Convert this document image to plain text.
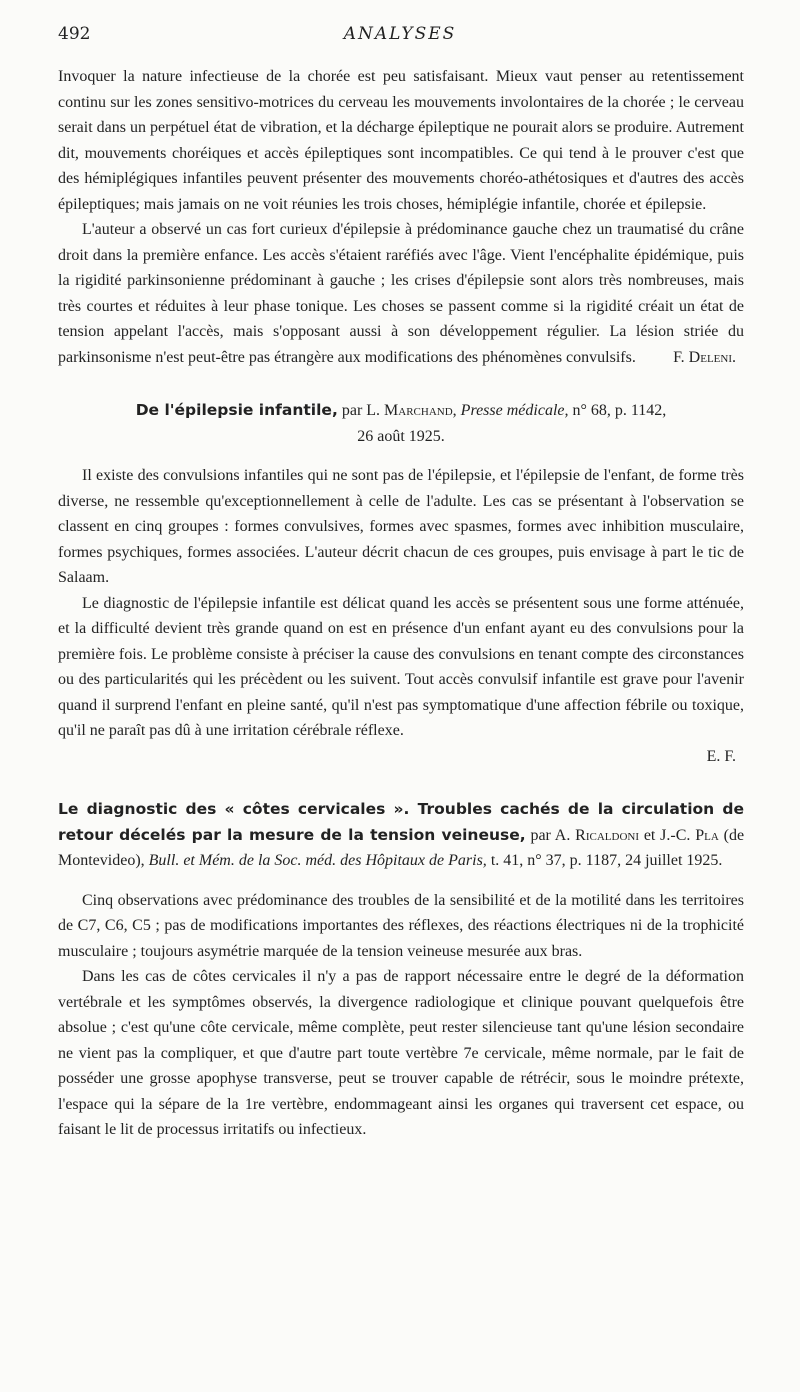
492	ANALYSES

Invoquer la nature infectieuse de la chorée est peu satisfaisant. Mieux vaut penser au retentissement continu sur les zones sensitivo-motrices du cerveau les mouvements involontaires de la chorée ; le cerveau serait dans un perpétuel état de vibration, et la décharge épileptique ne pourait alors se produire. Autrement dit, mouvements choréiques et accès épileptiques sont incompatibles. Ce qui tend à le prouver c'est que des hémiplégiques infantiles peuvent présenter des mouvements choréo-athétosiques et d'autres des accès épileptiques; mais jamais on ne voit réunies les trois choses, hémiplégie infantile, chorée et épilepsie.

L'auteur a observé un cas fort curieux d'épilepsie à prédominance gauche chez un traumatisé du crâne droit dans la première enfance. Les accès s'étaient raréfiés avec l'âge. Vient l'encéphalite épidémique, puis la rigidité parkinsonienne prédominant à gauche ; les crises d'épilepsie sont alors très nombreuses, mais très courtes et réduites à leur phase tonique. Les choses se passent comme si la rigidité créait un état de tension appelant l'accès, mais s'opposant aussi à son développement régulier. La lésion striée du parkinsonisme n'est peut-être pas étrangère aux modifications des phénomènes convulsifs.	F. Deleni.

De l'épilepsie infantile, par L. Marchand, Presse médicale, n° 68, p. 1142, 26 août 1925.

Il existe des convulsions infantiles qui ne sont pas de l'épilepsie, et l'épilepsie de l'enfant, de forme très diverse, ne ressemble qu'exceptionnellement à celle de l'adulte. Les cas se présentant à l'observation se classent en cinq groupes : formes convulsives, formes avec spasmes, formes avec inhibition musculaire, formes psychiques, formes associées. L'auteur décrit chacun de ces groupes, puis envisage à part le tic de Salaam.

Le diagnostic de l'épilepsie infantile est délicat quand les accès se présentent sous une forme atténuée, et la difficulté devient très grande quand on est en présence d'un enfant ayant eu des convulsions pour la première fois. Le problème consiste à préciser la cause des convulsions en tenant compte des circonstances ou des particularités qui les précèdent ou les suivent. Tout accès convulsif infantile est grave pour l'avenir quand il surprend l'enfant en pleine santé, qu'il n'est pas symptomatique d'une affection fébrile ou toxique, qu'il ne paraît pas dû à une irritation cérébrale réflexe.

E. F.

Le diagnostic des « côtes cervicales ». Troubles cachés de la circulation de retour décelés par la mesure de la tension veineuse, par A. Ricaldoni et J.-C. Pla (de Montevideo), Bull. et Mém. de la Soc. méd. des Hôpitaux de Paris, t. 41, n° 37, p. 1187, 24 juillet 1925.

Cinq observations avec prédominance des troubles de la sensibilité et de la motilité dans les territoires de C7, C6, C5 ; pas de modifications importantes des réflexes, des réactions électriques ni de la trophicité musculaire ; toujours asymétrie marquée de la tension veineuse mesurée aux bras.

Dans les cas de côtes cervicales il n'y a pas de rapport nécessaire entre le degré de la déformation vertébrale et les symptômes observés, la divergence radiologique et clinique pouvant quelquefois être absolue ; c'est qu'une côte cervicale, même complète, peut rester silencieuse tant qu'une lésion secondaire ne vient pas la compliquer, et que d'autre part toute vertèbre 7e cervicale, même normale, par le fait de posséder une grosse apophyse transverse, peut se trouver capable de rétrécir, sous le moindre prétexte, l'espace qui la sépare de la 1re vertèbre, endommageant ainsi les organes qui traversent cet espace, ou faisant le lit de processus irritatifs ou infectieux.
